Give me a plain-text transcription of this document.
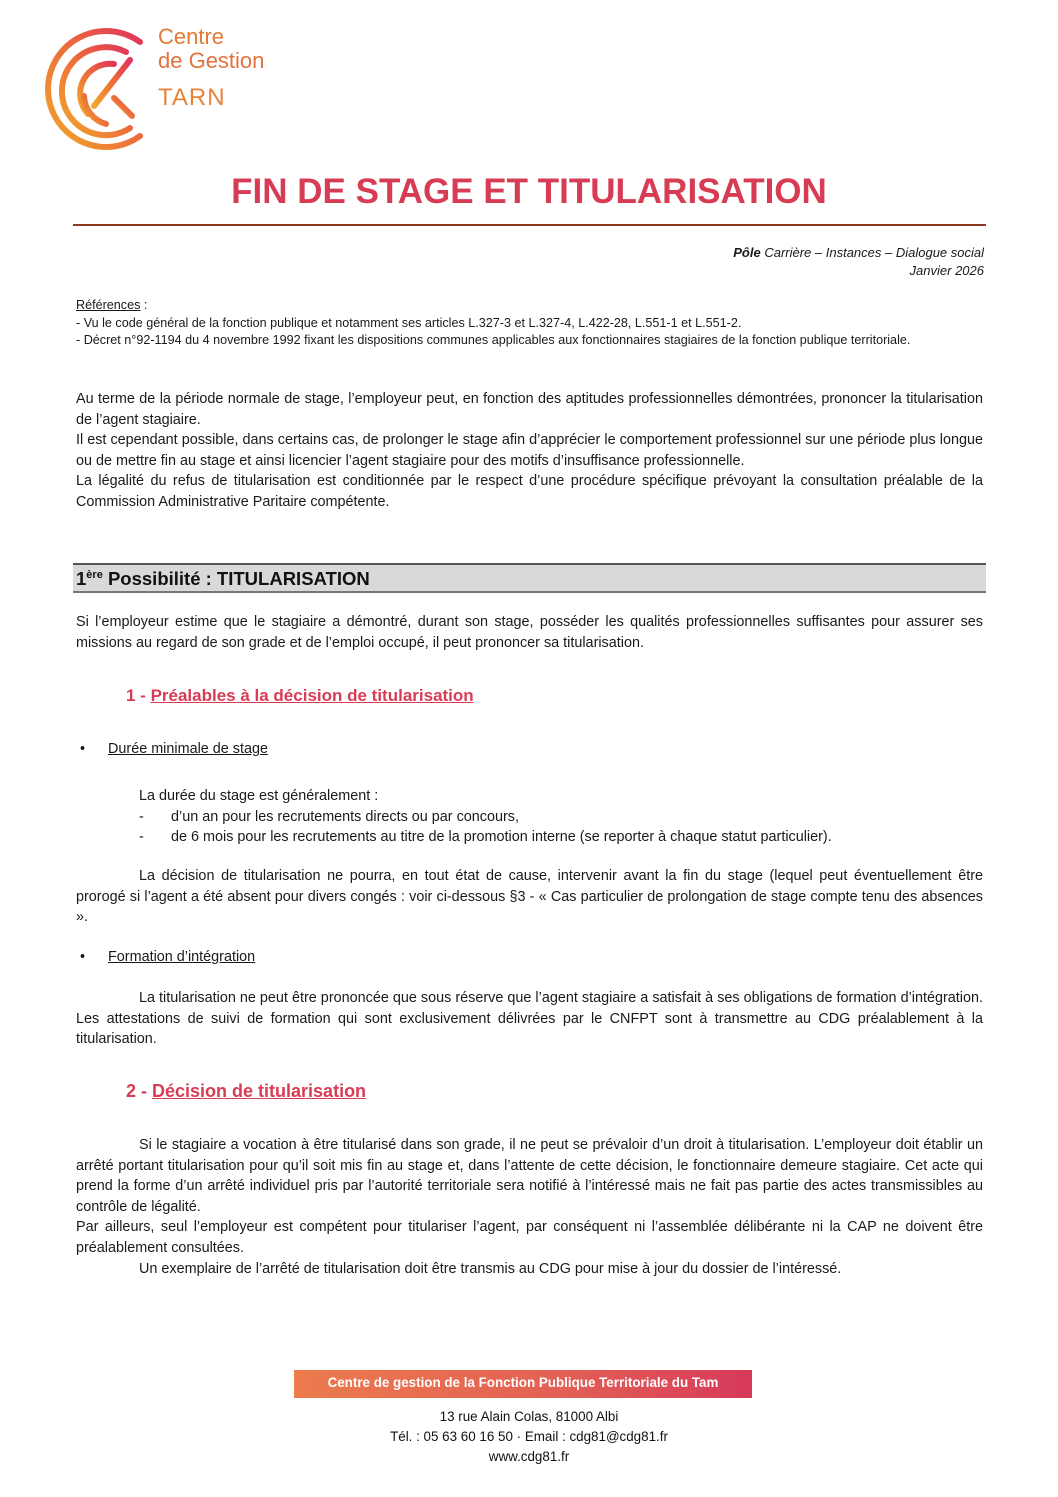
Centre
de Gestion
TARN
FIN DE STAGE ET TITULARISATION
Pôle Carrière – Instances – Dialogue social
Janvier 2026
Références :
- Vu le code général de la fonction publique et notamment ses articles L.327-3 et L.327-4, L.422-28, L.551-1 et L.551-2.
- Décret n°92-1194 du 4 novembre 1992 fixant les dispositions communes applicables aux fonctionnaires stagiaires de la fonction publique territoriale.

Au terme de la période normale de stage, l’employeur peut, en fonction des aptitudes professionnelles démontrées, prononcer la titularisation de l’agent stagiaire.

Il est cependant possible, dans certains cas, de prolonger le stage afin d’apprécier le comportement professionnel sur une période plus longue ou de mettre fin au stage et ainsi licencier l’agent stagiaire pour des motifs d’insuffisance professionnelle.

La légalité du refus de titularisation est conditionnée par le respect d’une procédure spécifique prévoyant la consultation préalable de la Commission Administrative Paritaire compétente.

1ère Possibilité : TITULARISATION

Si l’employeur estime que le stagiaire a démontré, durant son stage, posséder les qualités professionnelles suffisantes pour assurer ses missions au regard de son grade et de l’emploi occupé, il peut prononcer sa titularisation.

1 - Préalables à la décision de titularisation
• Durée minimale de stage
La durée du stage est généralement :
-	d’un an pour les recrutements directs ou par concours,
-	de 6 mois pour les recrutements au titre de la promotion interne (se reporter à chaque statut particulier).

La décision de titularisation ne pourra, en tout état de cause, intervenir avant la fin du stage (lequel peut éventuellement être prorogé si l’agent a été absent pour divers congés : voir ci-dessous §3 - « Cas particulier de prolongation de stage compte tenu des absences ».

• Formation d’intégration

La titularisation ne peut être prononcée que sous réserve que l’agent stagiaire a satisfait à ses obligations de formation d’intégration. Les attestations de suivi de formation qui sont exclusivement délivrées par le CNFPT sont à transmettre au CDG préalablement à la titularisation.

2 - Décision de titularisation

Si le stagiaire a vocation à être titularisé dans son grade, il ne peut se prévaloir d’un droit à titularisation. L’employeur doit établir un arrêté portant titularisation pour qu’il soit mis fin au stage et, dans l’attente de cette décision, le fonctionnaire demeure stagiaire. Cet acte qui prend la forme d’un arrêté individuel pris par l’autorité territoriale sera notifié à l’intéressé mais ne fait pas partie des actes transmissibles au contrôle de légalité.

Par ailleurs, seul l’employeur est compétent pour titulariser l’agent, par conséquent ni l’assemblée délibérante ni la CAP ne doivent être préalablement consultées.

Un exemplaire de l’arrêté de titularisation doit être transmis au CDG pour mise à jour du dossier de l’intéressé.

Centre de gestion de la Fonction Publique Territoriale du Tam
13 rue Alain Colas, 81000 Albi
Tél. : 05 63 60 16 50 · Email : cdg81@cdg81.fr
www.cdg81.fr
